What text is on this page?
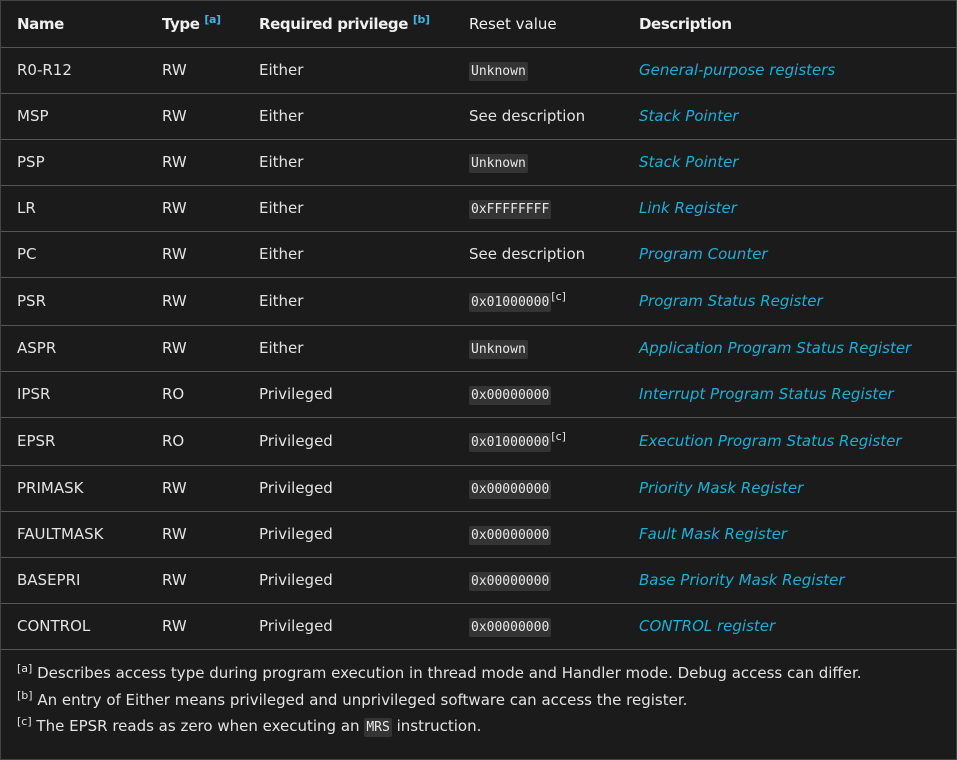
Name	Type [a]	Required privilege [b]	Reset value	Description
R0-R12	RW	Either	Unknown	General-purpose registers
MSP	RW	Either	See description	Stack Pointer
PSP	RW	Either	Unknown	Stack Pointer
LR	RW	Either	0xFFFFFFFF	Link Register
PC	RW	Either	See description	Program Counter
PSR	RW	Either	0x01000000 [c]	Program Status Register
ASPR	RW	Either	Unknown	Application Program Status Register
IPSR	RO	Privileged	0x00000000	Interrupt Program Status Register
EPSR	RO	Privileged	0x01000000 [c]	Execution Program Status Register
PRIMASK	RW	Privileged	0x00000000	Priority Mask Register
FAULTMASK	RW	Privileged	0x00000000	Fault Mask Register
BASEPRI	RW	Privileged	0x00000000	Base Priority Mask Register
CONTROL	RW	Privileged	0x00000000	CONTROL register
[a] Describes access type during program execution in thread mode and Handler mode. Debug access can differ.
[b] An entry of Either means privileged and unprivileged software can access the register.
[c] The EPSR reads as zero when executing an MRS instruction.
